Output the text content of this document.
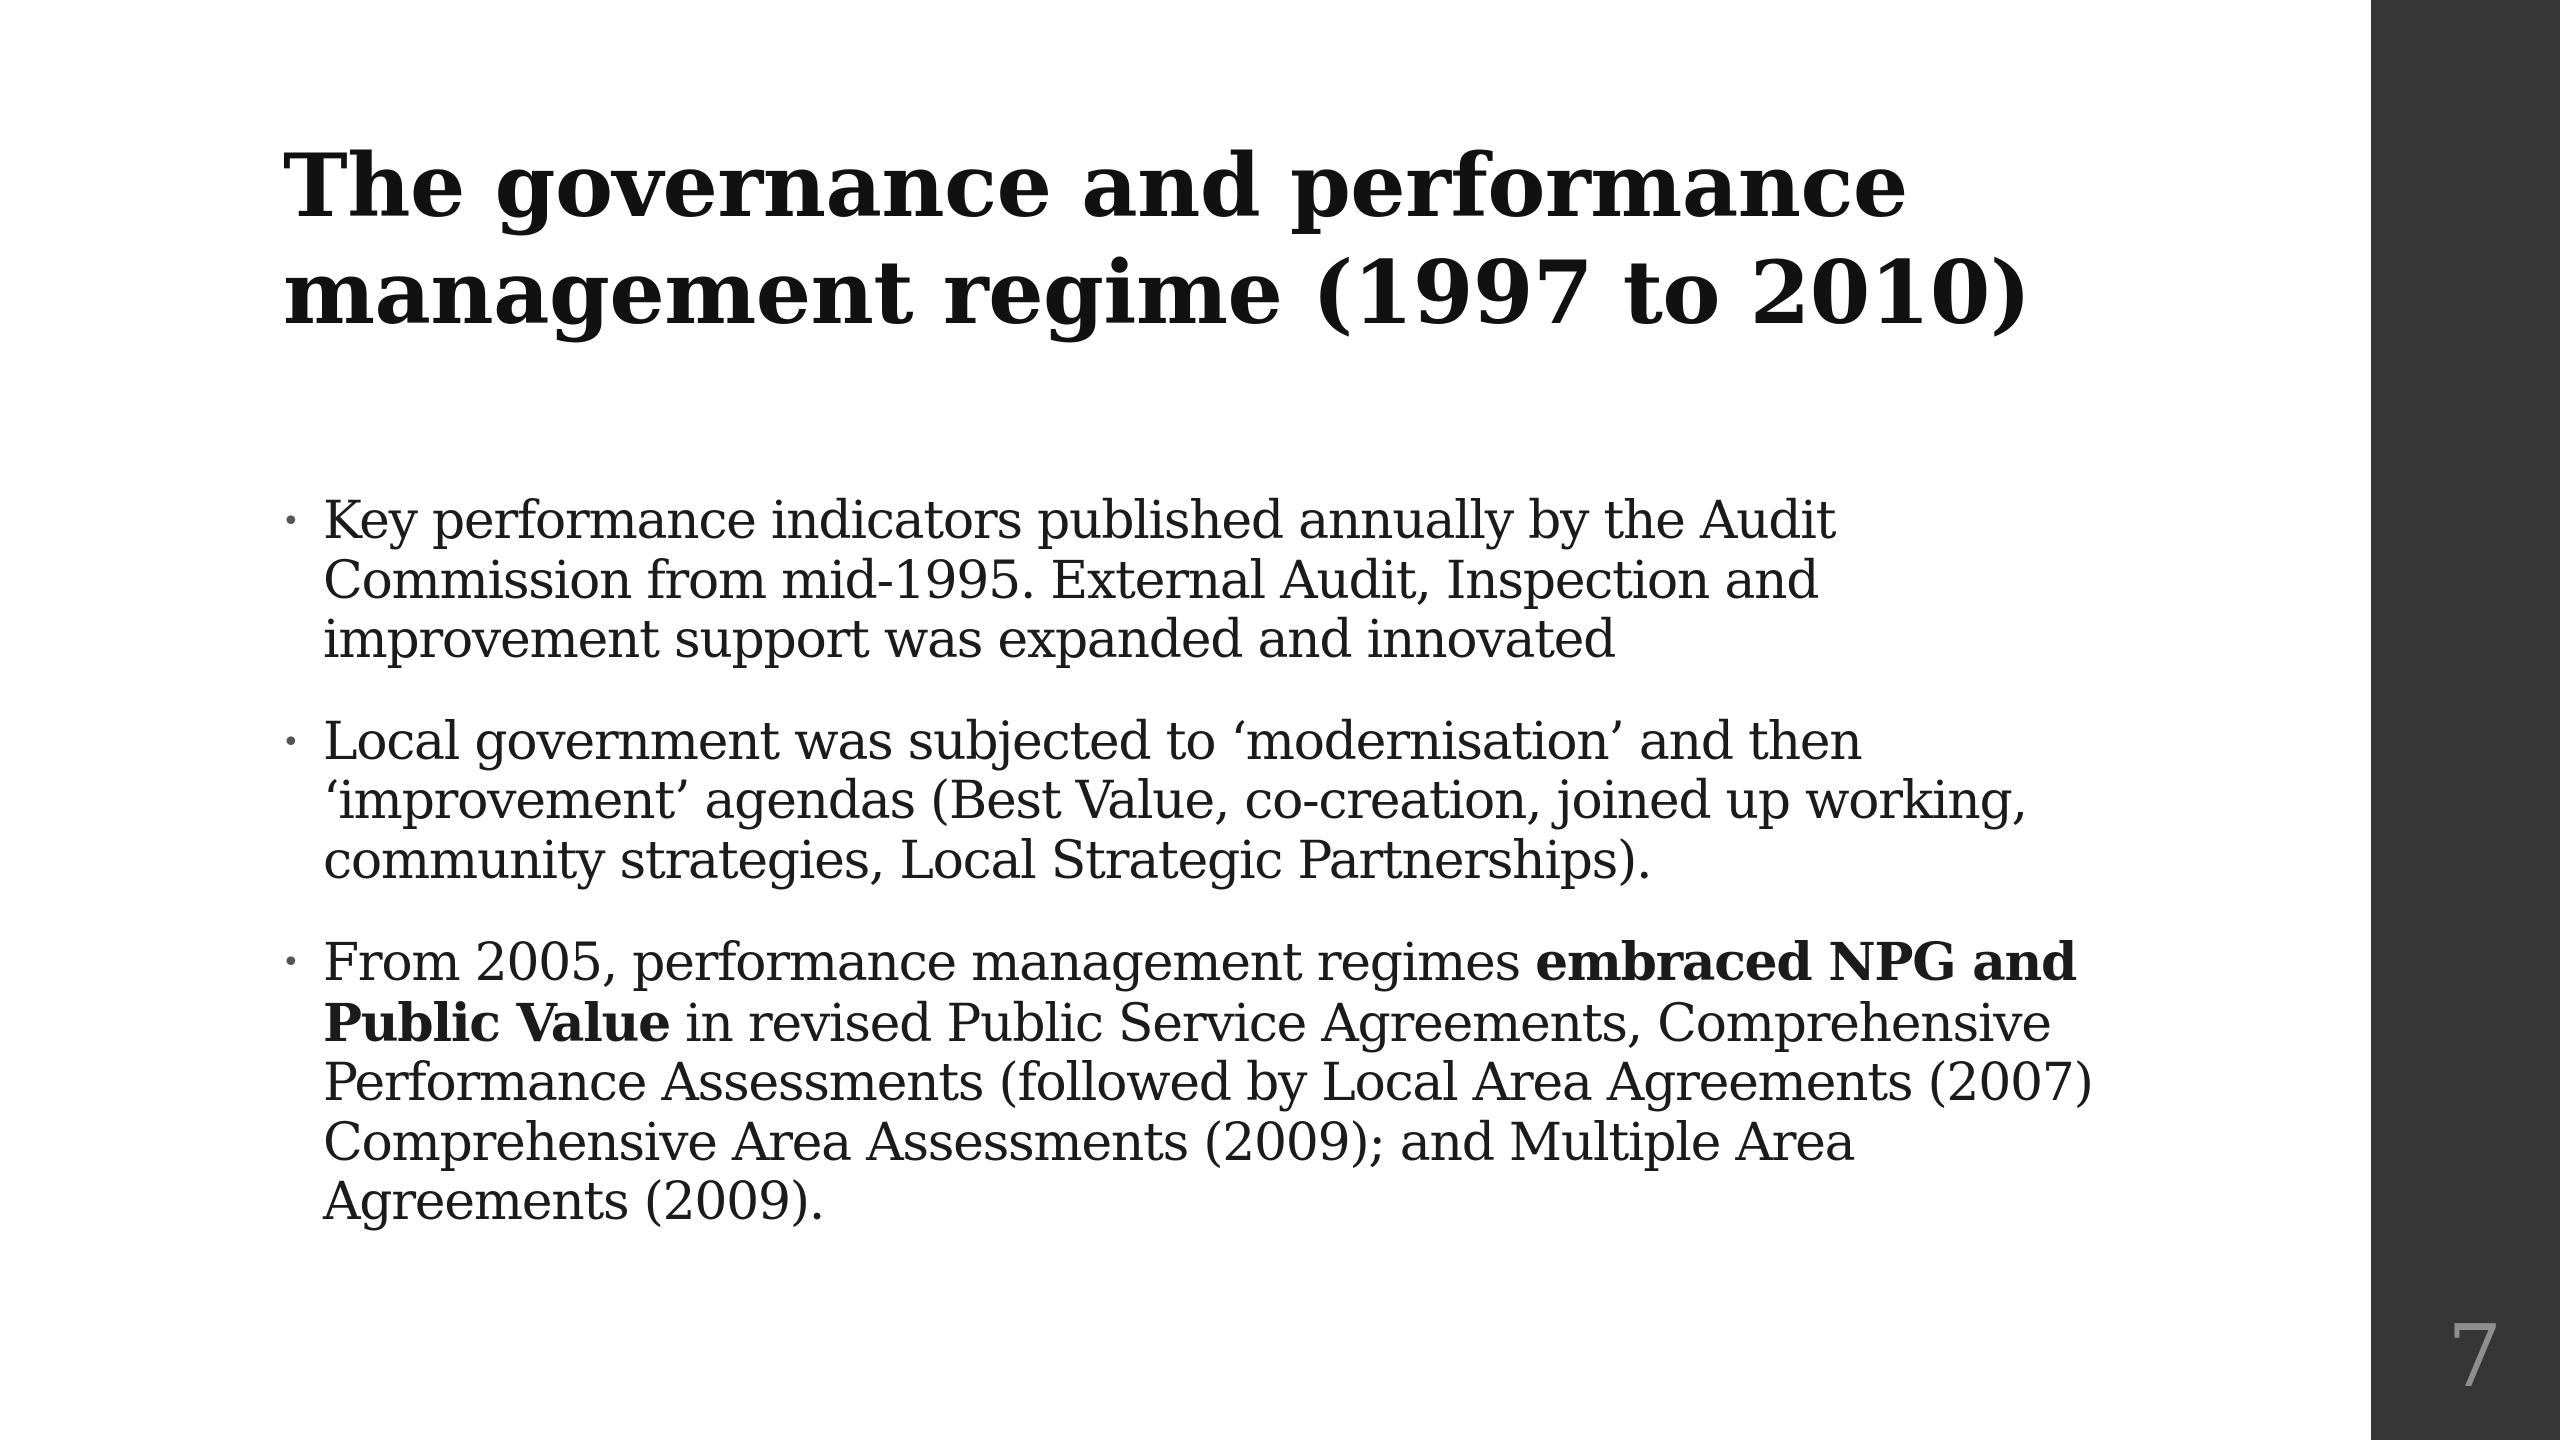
The governance and performance
management regime (1997 to 2010)
• Key performance indicators published annually by the Audit Commission from mid-1995. External Audit, Inspection and improvement support was expanded and innovated
• Local government was subjected to ‘modernisation’ and then ‘improvement’ agendas (Best Value, co-creation, joined up working, community strategies, Local Strategic Partnerships).
• From 2005, performance management regimes embraced NPG and Public Value in revised Public Service Agreements, Comprehensive Performance Assessments (followed by Local Area Agreements (2007) Comprehensive Area Assessments (2009); and Multiple Area Agreements (2009).
7
